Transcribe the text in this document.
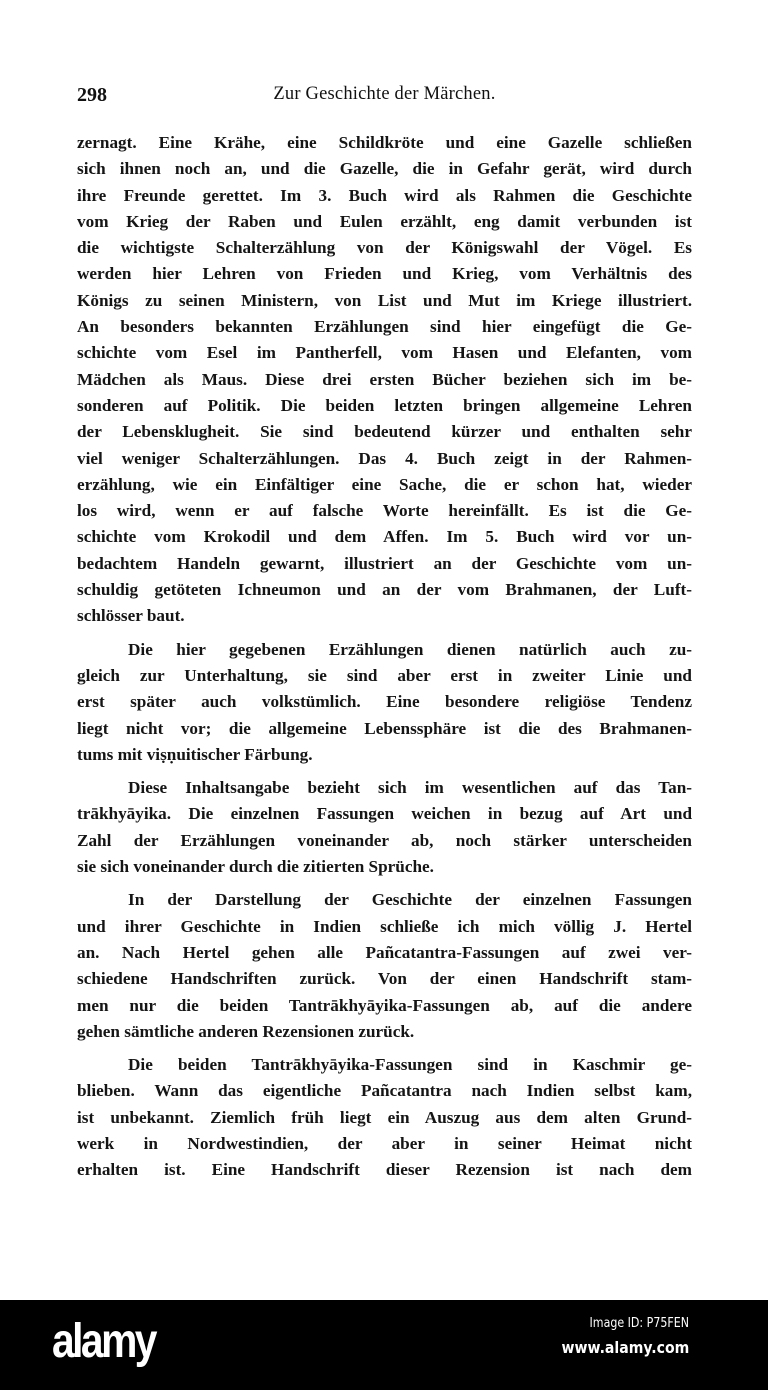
298	Zur Geschichte der Märchen.
zernagt. Eine Krähe, eine Schildkröte und eine Gazelle schließen
sich ihnen noch an, und die Gazelle, die in Gefahr gerät, wird durch
ihre Freunde gerettet. Im 3. Buch wird als Rahmen die Geschichte
vom Krieg der Raben und Eulen erzählt, eng damit verbunden ist
die wichtigste Schalterzählung von der Königswahl der Vögel. Es
werden hier Lehren von Frieden und Krieg, vom Verhältnis des
Königs zu seinen Ministern, von List und Mut im Kriege illustriert.
An besonders bekannten Erzählungen sind hier eingefügt die Ge-
schichte vom Esel im Pantherfell, vom Hasen und Elefanten, vom
Mädchen als Maus. Diese drei ersten Bücher beziehen sich im be-
sonderen auf Politik. Die beiden letzten bringen allgemeine Lehren
der Lebensklugheit. Sie sind bedeutend kürzer und enthalten sehr
viel weniger Schalterzählungen. Das 4. Buch zeigt in der Rahmen-
erzählung, wie ein Einfältiger eine Sache, die er schon hat, wieder
los wird, wenn er auf falsche Worte hereinfällt. Es ist die Ge-
schichte vom Krokodil und dem Affen. Im 5. Buch wird vor un-
bedachtem Handeln gewarnt, illustriert an der Geschichte vom un-
schuldig getöteten Ichneumon und an der vom Brahmanen, der Luft-
schlösser baut.
Die hier gegebenen Erzählungen dienen natürlich auch zu-
gleich zur Unterhaltung, sie sind aber erst in zweiter Linie und
erst später auch volkstümlich. Eine besondere religiöse Tendenz
liegt nicht vor; die allgemeine Lebenssphäre ist die des Brahmanen-
tums mit viṣṇuitischer Färbung.
Diese Inhaltsangabe bezieht sich im wesentlichen auf das Tan-
trākhyāyika. Die einzelnen Fassungen weichen in bezug auf Art und
Zahl der Erzählungen voneinander ab, noch stärker unterscheiden
sie sich voneinander durch die zitierten Sprüche.
In der Darstellung der Geschichte der einzelnen Fassungen
und ihrer Geschichte in Indien schließe ich mich völlig J. Hertel
an. Nach Hertel gehen alle Pañcatantra-Fassungen auf zwei ver-
schiedene Handschriften zurück. Von der einen Handschrift stam-
men nur die beiden Tantrākhyāyika-Fassungen ab, auf die andere
gehen sämtliche anderen Rezensionen zurück.
Die beiden Tantrākhyāyika-Fassungen sind in Kaschmir ge-
blieben. Wann das eigentliche Pañcatantra nach Indien selbst kam,
ist unbekannt. Ziemlich früh liegt ein Auszug aus dem alten Grund-
werk in Nordwestindien, der aber in seiner Heimat nicht
erhalten ist. Eine Handschrift dieser Rezension ist nach dem
alamy	Image ID: P75FEN
www.alamy.com
